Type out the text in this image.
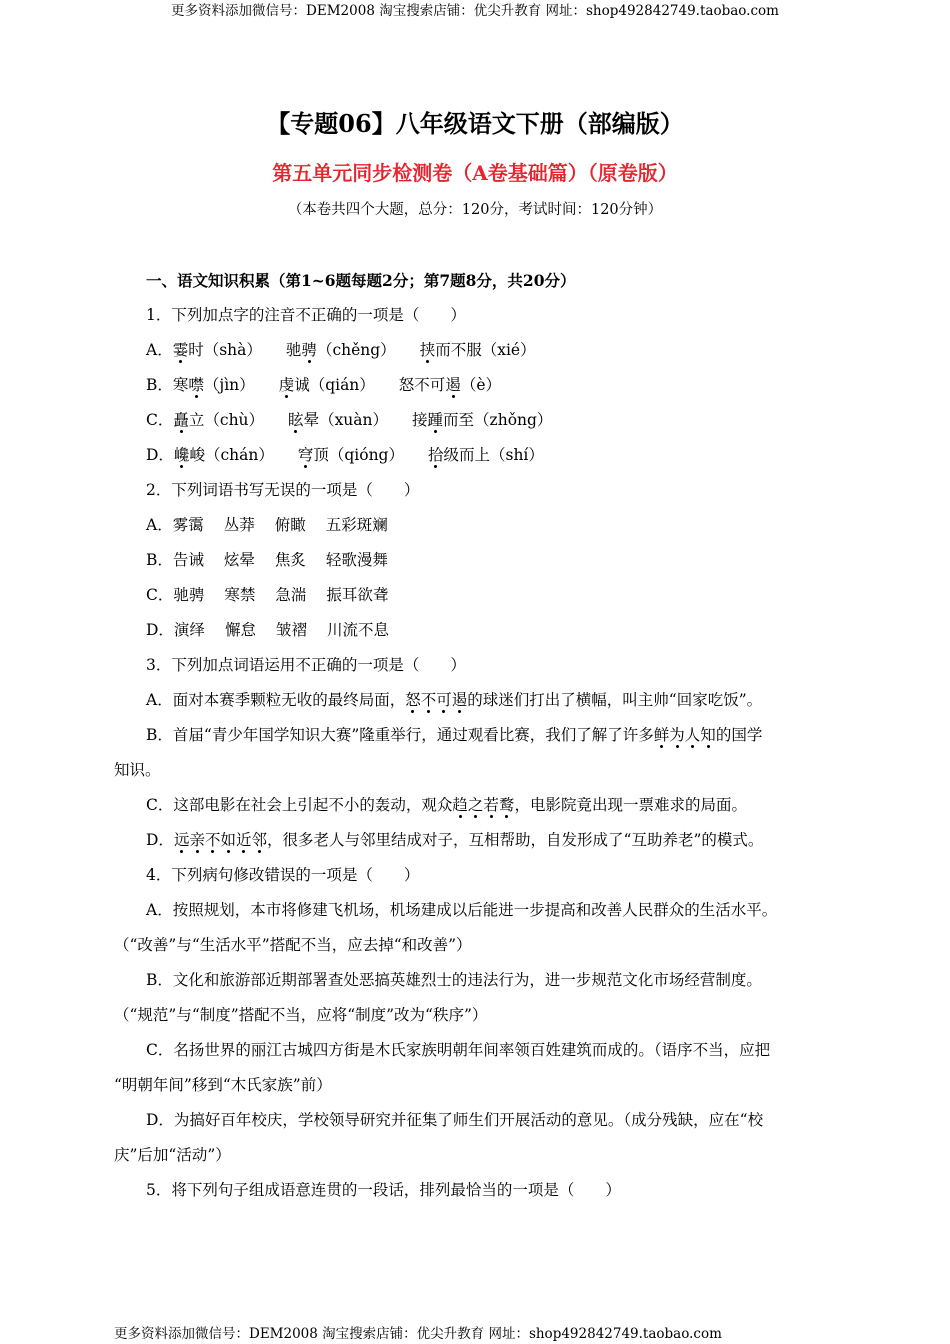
更多资料添加微信号：DEM2008 淘宝搜索店铺：优尖升教育 网址：shop492842749.taobao.com
【专题06】八年级语文下册（部编版）
第五单元同步检测卷（A卷基础篇）（原卷版）
（本卷共四个大题，总分：120分，考试时间：120分钟）
一、语文知识积累（第1~6题每题2分；第7题8分，共20分）
1．下列加点字的注音不正确的一项是（　　）
A．霎时（shà） 驰骋（chěng） 挟而不服（xié）
B．寒噤（jìn） 虔诚（qián） 怒不可遏（è）
C．矗立（chù） 眩晕（xuàn） 接踵而至（zhǒng）
D．巉峻（chán） 穹顶（qióng） 拾级而上（shí）
2．下列词语书写无误的一项是（　　）
A．雾霭 丛莽 俯瞰 五彩斑斓
B．告诫 炫晕 焦炙 轻歌漫舞
C．驰骋 寒禁 急湍 振耳欲聋
D．演绎 懈怠 皱褶 川流不息
3．下列加点词语运用不正确的一项是（　　）
A．面对本赛季颗粒无收的最终局面，怒不可遏的球迷们打出了横幅，叫主帅“回家吃饭”。
B．首届“青少年国学知识大赛”隆重举行，通过观看比赛，我们了解了许多鲜为人知的国学
知识。
C．这部电影在社会上引起不小的轰动，观众趋之若鹜，电影院竟出现一票难求的局面。
D．远亲不如近邻，很多老人与邻里结成对子，互相帮助，自发形成了“互助养老”的模式。
4．下列病句修改错误的一项是（　　）
A．按照规划，本市将修建飞机场，机场建成以后能进一步提高和改善人民群众的生活水平。
（“改善”与“生活水平”搭配不当，应去掉“和改善”）
B．文化和旅游部近期部署查处恶搞英雄烈士的违法行为，进一步规范文化市场经营制度。
（“规范”与“制度”搭配不当，应将“制度”改为“秩序”）
C．名扬世界的丽江古城四方街是木氏家族明朝年间率领百姓建筑而成的。（语序不当，应把
“明朝年间”移到“木氏家族”前）
D．为搞好百年校庆，学校领导研究并征集了师生们开展活动的意见。（成分残缺，应在“校
庆”后加“活动”）
5．将下列句子组成语意连贯的一段话，排列最恰当的一项是（　　）
更多资料添加微信号：DEM2008 淘宝搜索店铺：优尖升教育 网址：shop492842749.taobao.com
